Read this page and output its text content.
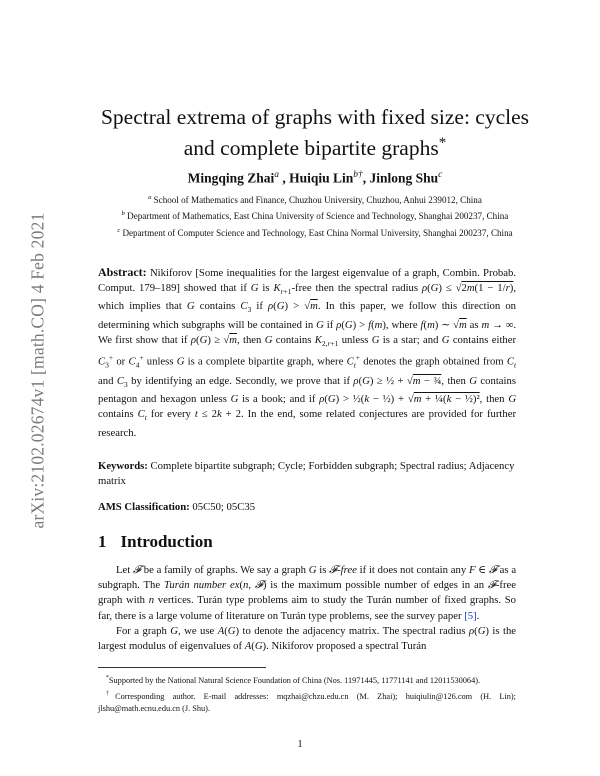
arXiv:2102.02674v1 [math.CO] 4 Feb 2021
Spectral extrema of graphs with fixed size: cycles
and complete bipartite graphs*
Mingqing Zhai$^a$ , Huiqiu Lin$^{b\dagger}$, Jinlong Shu$^c$
$^a$ School of Mathematics and Finance, Chuzhou University, Chuzhou, Anhui 239012, China
$^b$ Department of Mathematics, East China University of Science and Technology, Shanghai 200237, China
$^c$ Department of Computer Science and Technology, East China Normal University, Shanghai 200237, China
Abstract: Nikiforov [Some inequalities for the largest eigenvalue of a graph, Combin. Probab. Comput. 179–189] showed that if G is $K_{r+1}$-free then the spectral radius ρ(G) ≤ √2m(1 − 1/r), which implies that G contains $C_3$ if ρ(G) > √m. In this paper, we follow this direction on determining which subgraphs will be contained in G if ρ(G) > f(m), where f(m) ∼ √m as m → ∞. We first show that if ρ(G) ≥ √m, then G contains $K_{2,r+1}$ unless G is a star; and G contains either $C_3^+$ or $C_4^+$ unless G is a complete bipartite graph, where $C_t^+$ denotes the graph obtained from $C_t$ and $C_3$ by identifying an edge. Secondly, we prove that if ρ(G) ≥ ½ + √m − ¾, then G contains pentagon and hexagon unless G is a book; and if ρ(G) > ½(k − ½) + √m + ¼(k − ½)², then G contains $C_t$ for every t ≤ 2k + 2. In the end, some related conjectures are provided for further research.
Keywords: Complete bipartite subgraph; Cycle; Forbidden subgraph; Spectral radius; Adjacency matrix
AMS Classification: 05C50; 05C35
1 Introduction

Let 𝓕 be a family of graphs. We say a graph G is 𝓕-free if it does not contain any F ∈ 𝓕 as a subgraph. The Turán number ex(n, 𝓕) is the maximum possible number of edges in an 𝓕-free graph with n vertices. Turán type problems aim to study the Turán number of fixed graphs. So far, there is a large volume of literature on Turán type problems, see the survey paper [5].

For a graph G, we use A(G) to denote the adjacency matrix. The spectral radius ρ(G) is the largest modulus of eigenvalues of A(G). Nikiforov proposed a spectral Turán

*Supported by the National Natural Science Foundation of China (Nos. 11971445, 11771141 and 12011530064).

†Corresponding author. E-mail addresses: mqzhai@chzu.edu.cn (M. Zhai); huiqiulin@126.com (H. Lin); jlshu@math.ecnu.edu.cn (J. Shu).

1
